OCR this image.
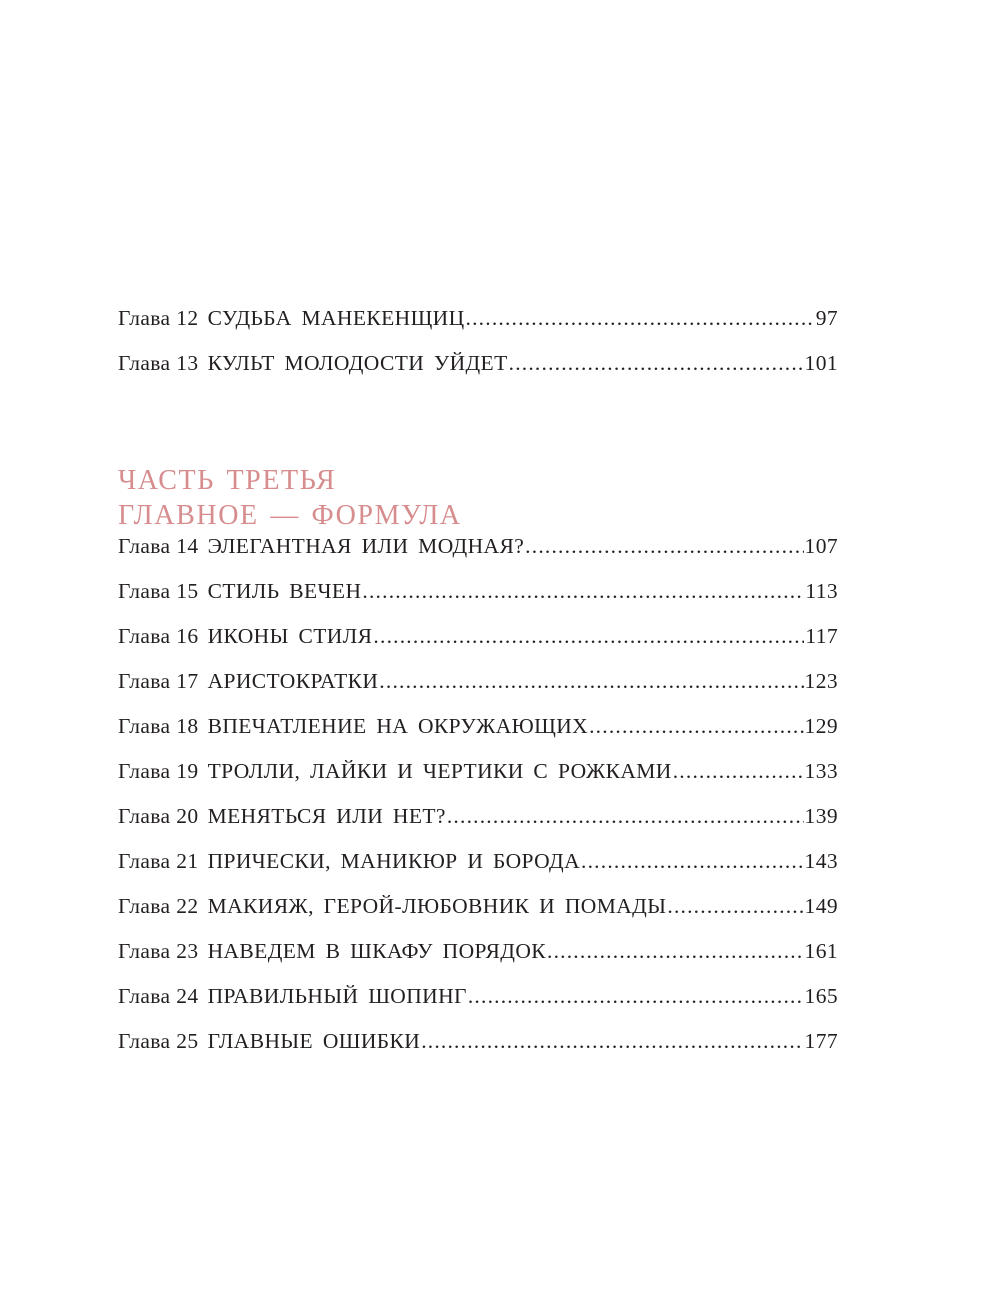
Глава 12 СУДЬБА МАНЕКЕНЩИЦ .....	97
Глава 13 КУЛЬТ МОЛОДОСТИ УЙДЕТ .....	101
ЧАСТЬ ТРЕТЬЯ
ГЛАВНОЕ — ФОРМУЛА
Глава 14 ЭЛЕГАНТНАЯ ИЛИ МОДНАЯ? .....	107
Глава 15 СТИЛЬ ВЕЧЕН .....	113
Глава 16 ИКОНЫ СТИЛЯ .....	117
Глава 17 АРИСТОКРАТКИ .....	123
Глава 18 ВПЕЧАТЛЕНИЕ НА ОКРУЖАЮЩИХ .....	129
Глава 19 ТРОЛЛИ, ЛАЙКИ И ЧЕРТИКИ С РОЖКАМИ .....	133
Глава 20 МЕНЯТЬСЯ ИЛИ НЕТ? .....	139
Глава 21 ПРИЧЕСКИ, МАНИКЮР И БОРОДА .....	143
Глава 22 МАКИЯЖ, ГЕРОЙ-ЛЮБОВНИК И ПОМАДЫ .....	149
Глава 23 НАВЕДЕМ В ШКАФУ ПОРЯДОК .....	161
Глава 24 ПРАВИЛЬНЫЙ ШОПИНГ .....	165
Глава 25 ГЛАВНЫЕ ОШИБКИ .....	177
